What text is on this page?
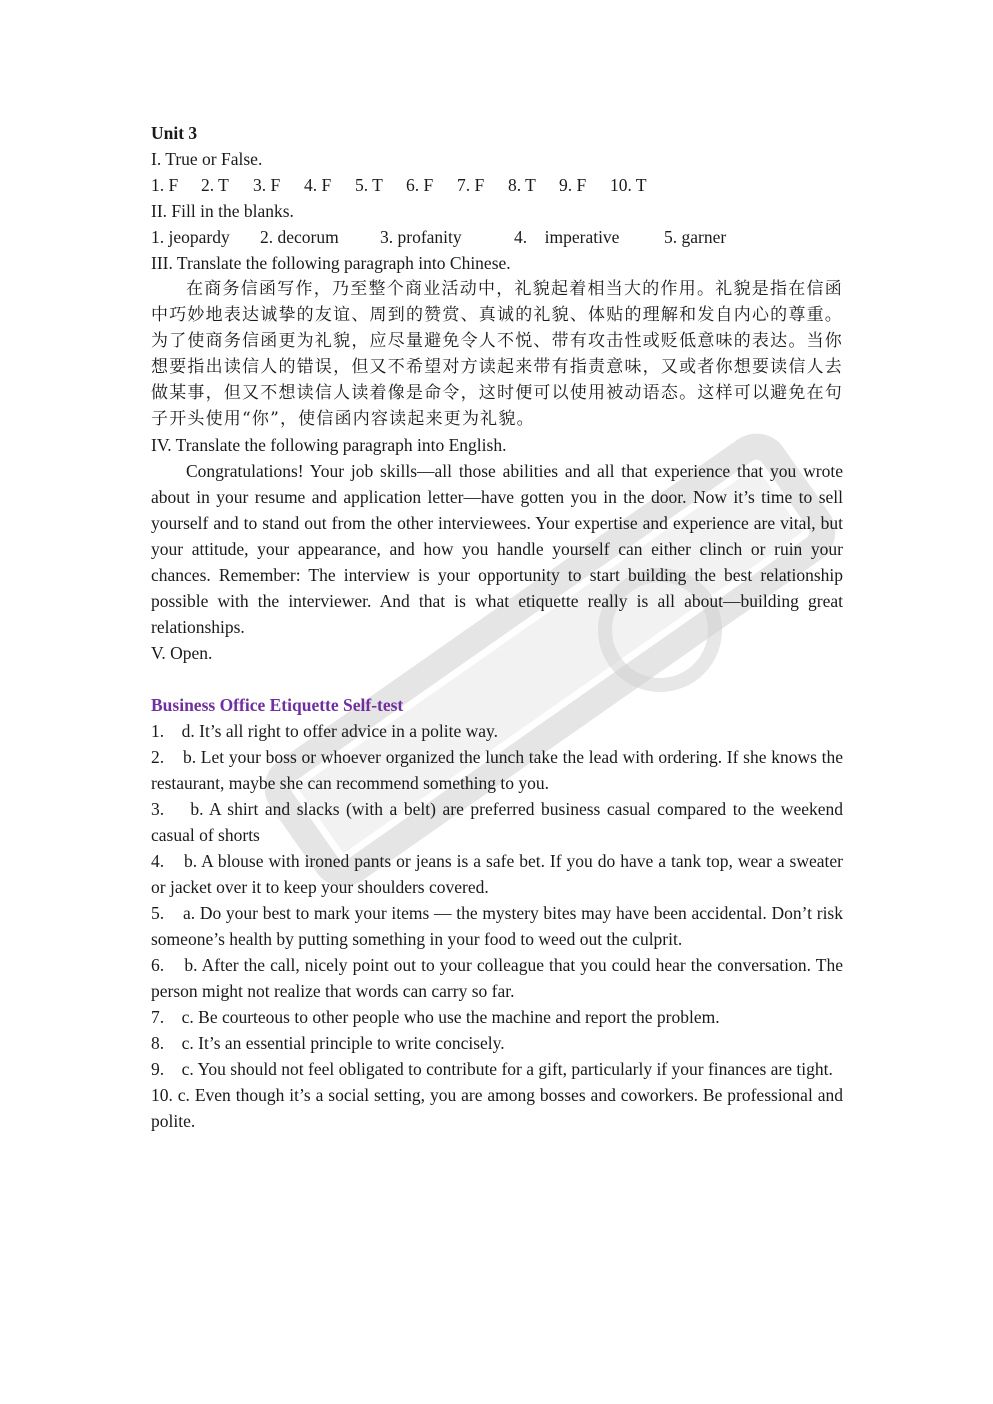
Unit 3
I. True or False.
1. F	2. T	3. F	4. F	5. T	6. F	7. F	8. T	9. F	10. T
II. Fill in the blanks.
1. jeopardy	2. decorum	3. profanity	4.    imperative	5. garner
III. Translate the following paragraph into Chinese.

在商务信函写作，乃至整个商业活动中，礼貌起着相当大的作用。礼貌是指在信函中巧妙地表达诚挚的友谊、周到的赞赏、真诚的礼貌、体贴的理解和发自内心的尊重。为了使商务信函更为礼貌，应尽量避免令人不悦、带有攻击性或贬低意味的表达。当你想要指出读信人的错误，但又不希望对方读起来带有指责意味，又或者你想要读信人去做某事，但又不想读信人读着像是命令，这时便可以使用被动语态。这样可以避免在句子开头使用“你”，使信函内容读起来更为礼貌。

IV. Translate the following paragraph into English.

Congratulations! Your job skills—all those abilities and all that experience that you wrote about in your resume and application letter—have gotten you in the door. Now it’s time to sell yourself and to stand out from the other interviewees. Your expertise and experience are vital, but your attitude, your appearance, and how you handle yourself can either clinch or ruin your chances. Remember: The interview is your opportunity to start building the best relationship possible with the interviewer. And that is what etiquette really is all about—building great relationships.

V. Open.
Business Office Etiquette Self-test

1.    d. It’s all right to offer advice in a polite way.

2.    b. Let your boss or whoever organized the lunch take the lead with ordering. If she knows the restaurant, maybe she can recommend something to you.

3.    b. A shirt and slacks (with a belt) are preferred business casual compared to the weekend casual of shorts

4.    b. A blouse with ironed pants or jeans is a safe bet. If you do have a tank top, wear a sweater or jacket over it to keep your shoulders covered.

5.    a. Do your best to mark your items — the mystery bites may have been accidental. Don’t risk someone’s health by putting something in your food to weed out the culprit.

6.    b. After the call, nicely point out to your colleague that you could hear the conversation. The person might not realize that words can carry so far.

7.    c. Be courteous to other people who use the machine and report the problem.

8.    c. It’s an essential principle to write concisely.

9.    c. You should not feel obligated to contribute for a gift, particularly if your finances are tight.

10. c. Even though it’s a social setting, you are among bosses and coworkers. Be professional and polite.
